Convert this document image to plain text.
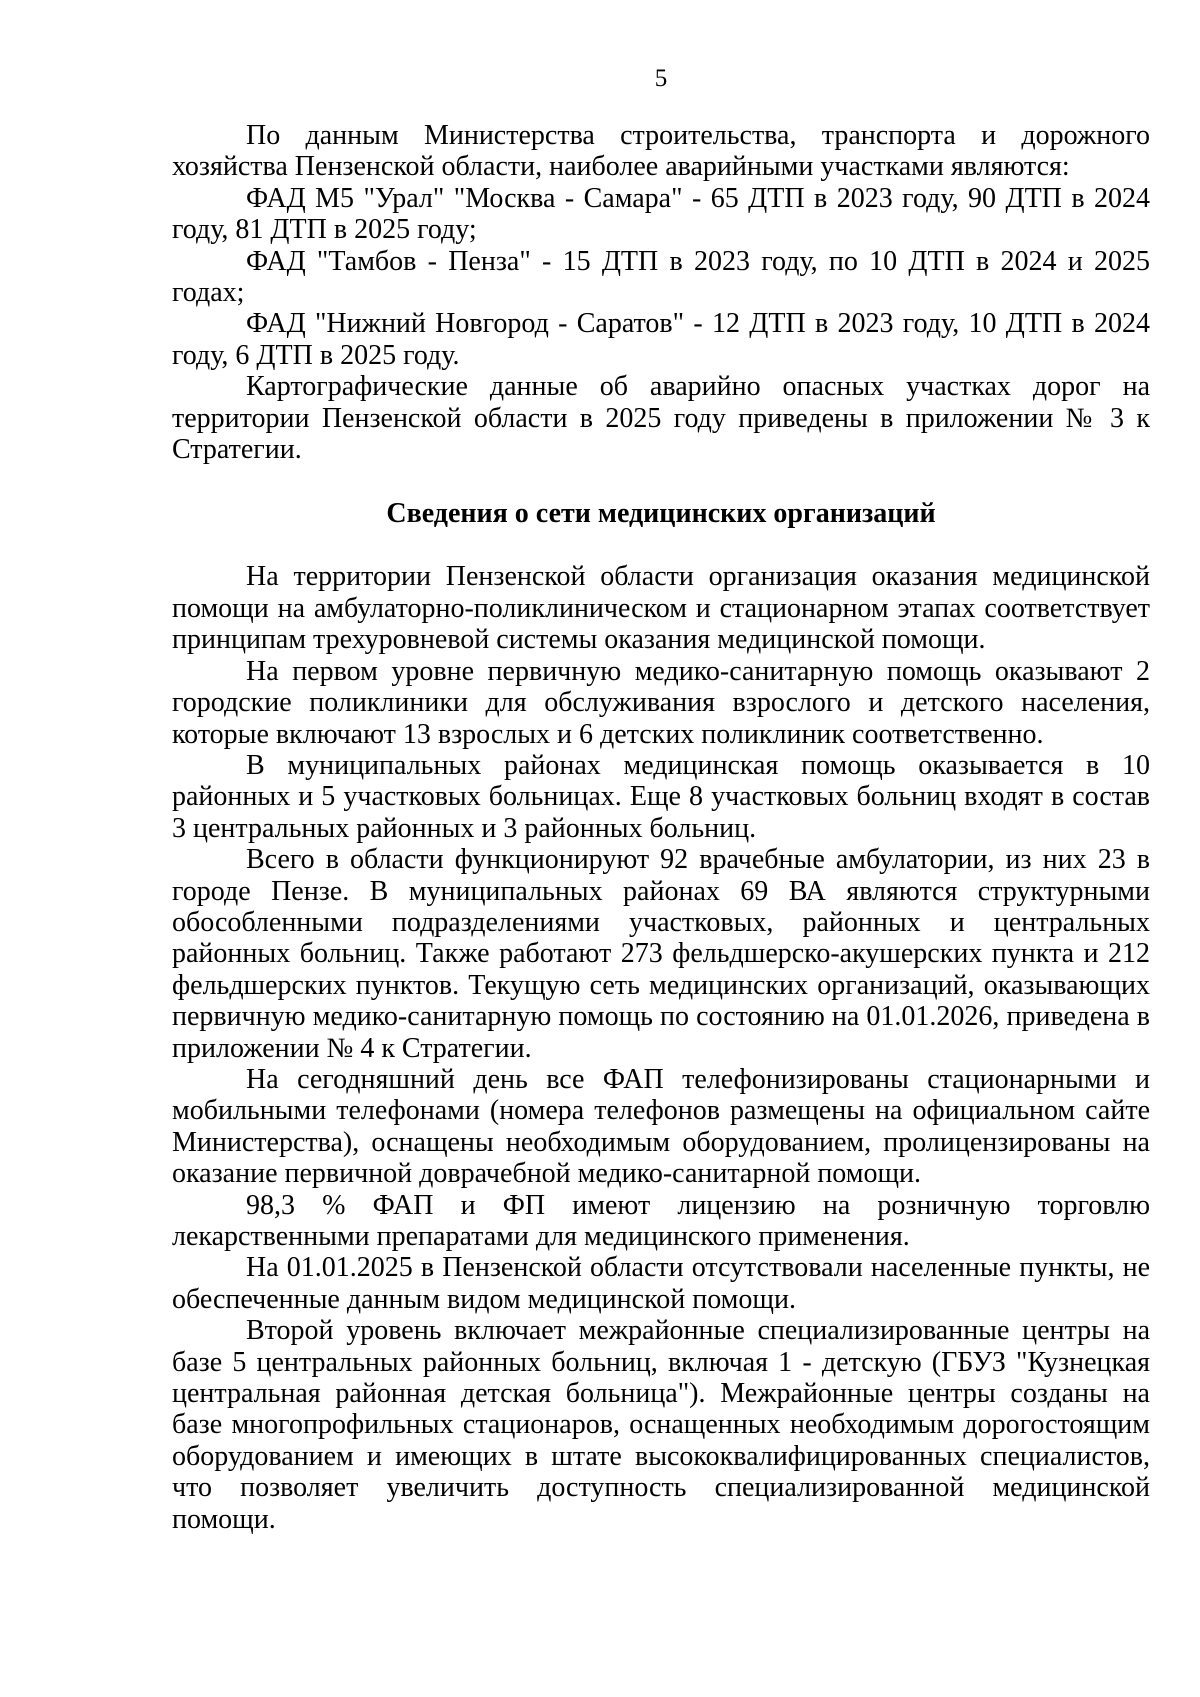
5

По данным Министерства строительства, транспорта и дорожного хозяйства Пензенской области, наиболее аварийными участками являются:

ФАД М5 "Урал" "Москва - Самара" - 65 ДТП в 2023 году, 90 ДТП в 2024 году, 81 ДТП в 2025 году;

ФАД "Тамбов - Пенза" - 15 ДТП в 2023 году, по 10 ДТП в 2024 и 2025 годах;

ФАД "Нижний Новгород - Саратов" - 12 ДТП в 2023 году, 10 ДТП в 2024 году, 6 ДТП в 2025 году.

Картографические данные об аварийно опасных участках дорог на территории Пензенской области в 2025 году приведены в приложении № 3 к Стратегии.

Сведения о сети медицинских организаций

На территории Пензенской области организация оказания медицинской помощи на амбулаторно-поликлиническом и стационарном этапах соответствует принципам трехуровневой системы оказания медицинской помощи.

На первом уровне первичную медико-санитарную помощь оказывают 2 городские поликлиники для обслуживания взрослого и детского населения, которые включают 13 взрослых и 6 детских поликлиник соответственно.

В муниципальных районах медицинская помощь оказывается в 10 районных и 5 участковых больницах. Еще 8 участковых больниц входят в состав 3 центральных районных и 3 районных больниц.

Всего в области функционируют 92 врачебные амбулатории, из них 23 в городе Пензе. В муниципальных районах 69 ВА являются структурными обособленными подразделениями участковых, районных и центральных районных больниц. Также работают 273 фельдшерско-акушерских пункта и 212 фельдшерских пунктов. Текущую сеть медицинских организаций, оказывающих первичную медико-санитарную помощь по состоянию на 01.01.2026, приведена в приложении № 4 к Стратегии.

На сегодняшний день все ФАП телефонизированы стационарными и мобильными телефонами (номера телефонов размещены на официальном сайте Министерства), оснащены необходимым оборудованием, пролицензированы на оказание первичной доврачебной медико-санитарной помощи.

98,3 % ФАП и ФП имеют лицензию на розничную торговлю лекарственными препаратами для медицинского применения.

На 01.01.2025 в Пензенской области отсутствовали населенные пункты, не обеспеченные данным видом медицинской помощи.

Второй уровень включает межрайонные специализированные центры на базе 5 центральных районных больниц, включая 1 - детскую (ГБУЗ "Кузнецкая центральная районная детская больница"). Межрайонные центры созданы на базе многопрофильных стационаров, оснащенных необходимым дорогостоящим оборудованием и имеющих в штате высококвалифицированных специалистов, что позволяет увеличить доступность специализированной медицинской помощи.
